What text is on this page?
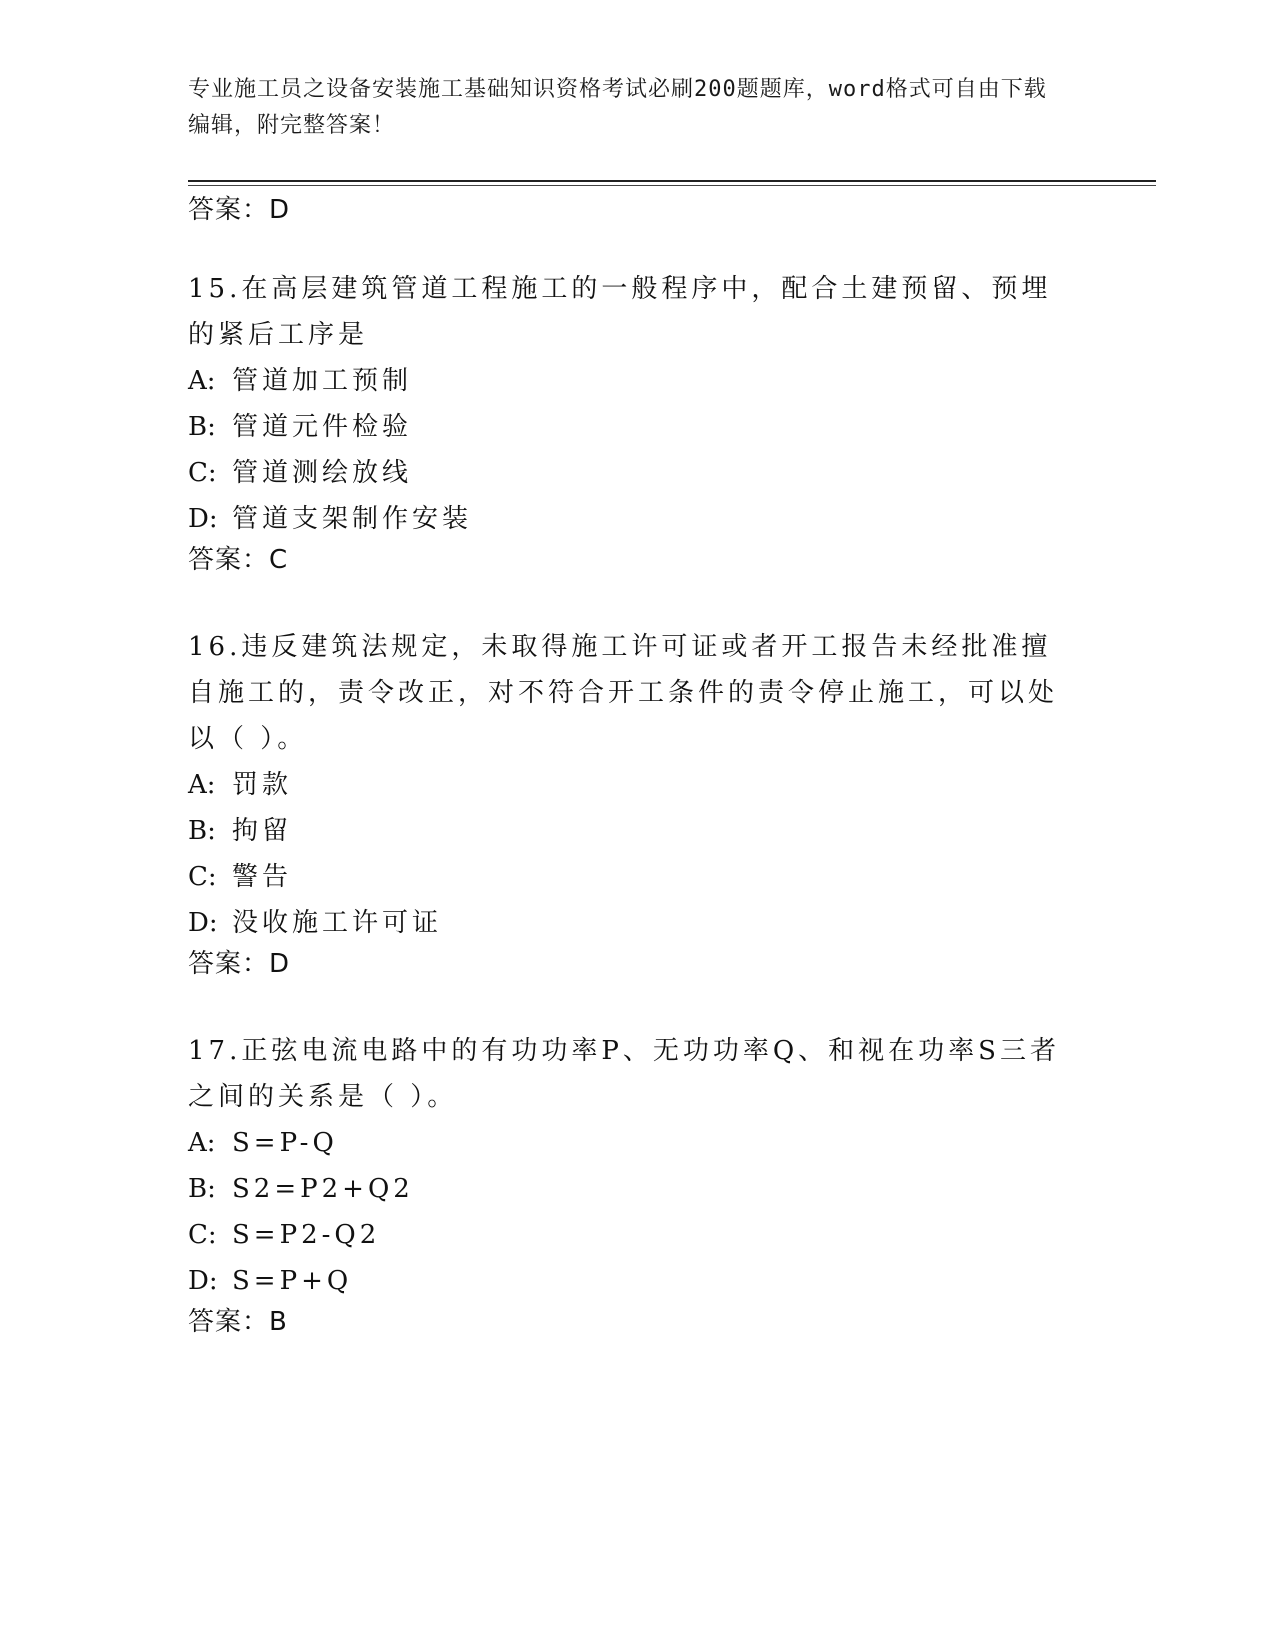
专业施工员之设备安装施工基础知识资格考试必刷200题题库，word格式可自由下载编辑，附完整答案！
答案：D

15.在高层建筑管道工程施工的一般程序中，配合土建预留、预埋的紧后工序是

A: 管道加工预制

B: 管道元件检验

C: 管道测绘放线

D: 管道支架制作安装

答案：C

16.违反建筑法规定，未取得施工许可证或者开工报告未经批准擅自施工的，责令改正，对不符合开工条件的责令停止施工，可以处以（ ）。

A: 罚款

B: 拘留

C: 警告

D: 没收施工许可证

答案：D

17.正弦电流电路中的有功功率P、无功功率Q、和视在功率S三者之间的关系是（ ）。

A: S=P-Q

B: S2=P2+Q2

C: S=P2-Q2

D: S=P+Q

答案：B
